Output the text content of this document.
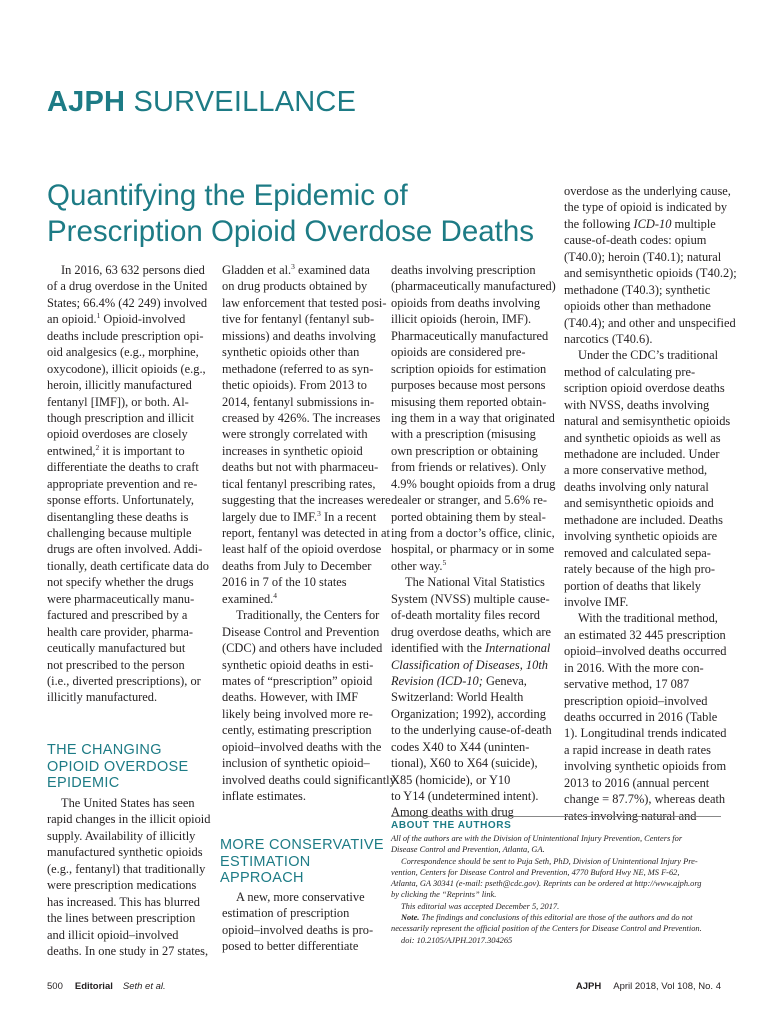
AJPH SURVEILLANCE
Quantifying the Epidemic of
Prescription Opioid Overdose Deaths
In 2016, 63 632 persons died
of a drug overdose in the United
States; 66.4% (42 249) involved
an opioid.$^1$ Opioid-involved
deaths include prescription opi-
oid analgesics (e.g., morphine,
oxycodone), illicit opioids (e.g.,
heroin, illicitly manufactured
fentanyl [IMF]), or both. Al-
though prescription and illicit
opioid overdoses are closely
entwined,$^2$ it is important to
differentiate the deaths to craft
appropriate prevention and re-
sponse efforts. Unfortunately,
disentangling these deaths is
challenging because multiple
drugs are often involved. Addi-
tionally, death certificate data do
not specify whether the drugs
were pharmaceutically manu-
factured and prescribed by a
health care provider, pharma-
ceutically manufactured but
not prescribed to the person
(i.e., diverted prescriptions), or
illicitly manufactured.
THE CHANGING
OPIOID OVERDOSE
EPIDEMIC
The United States has seen
rapid changes in the illicit opioid
supply. Availability of illicitly
manufactured synthetic opioids
(e.g., fentanyl) that traditionally
were prescription medications
has increased. This has blurred
the lines between prescription
and illicit opioid–involved
deaths. In one study in 27 states,
Gladden et al.$^3$ examined data
on drug products obtained by
law enforcement that tested posi-
tive for fentanyl (fentanyl sub-
missions) and deaths involving
synthetic opioids other than
methadone (referred to as syn-
thetic opioids). From 2013 to
2014, fentanyl submissions in-
creased by 426%. The increases
were strongly correlated with
increases in synthetic opioid
deaths but not with pharmaceu-
tical fentanyl prescribing rates,
suggesting that the increases were
largely due to IMF.$^3$ In a recent
report, fentanyl was detected in at
least half of the opioid overdose
deaths from July to December
2016 in 7 of the 10 states
examined.$^4$
Traditionally, the Centers for
Disease Control and Prevention
(CDC) and others have included
synthetic opioid deaths in esti-
mates of “prescription” opioid
deaths. However, with IMF
likely being involved more re-
cently, estimating prescription
opioid–involved deaths with the
inclusion of synthetic opioid–
involved deaths could significantly
inflate estimates.
MORE CONSERVATIVE
ESTIMATION
APPROACH
A new, more conservative
estimation of prescription
opioid–involved deaths is pro-
posed to better differentiate
deaths involving prescription
(pharmaceutically manufactured)
opioids from deaths involving
illicit opioids (heroin, IMF).
Pharmaceutically manufactured
opioids are considered pre-
scription opioids for estimation
purposes because most persons
misusing them reported obtain-
ing them in a way that originated
with a prescription (misusing
own prescription or obtaining
from friends or relatives). Only
4.9% bought opioids from a drug
dealer or stranger, and 5.6% re-
ported obtaining them by steal-
ing from a doctor’s office, clinic,
hospital, or pharmacy or in some
other way.$^5$
The National Vital Statistics
System (NVSS) multiple cause-
of-death mortality files record
drug overdose deaths, which are
identified with the International
Classification of Diseases, 10th
Revision (ICD-10; Geneva,
Switzerland: World Health
Organization; 1992), according
to the underlying cause-of-death
codes X40 to X44 (uninten-
tional), X60 to X64 (suicide),
X85 (homicide), or Y10
to Y14 (undetermined intent).
Among deaths with drug
overdose as the underlying cause,
the type of opioid is indicated by
the following ICD-10 multiple
cause-of-death codes: opium
(T40.0); heroin (T40.1); natural
and semisynthetic opioids (T40.2);
methadone (T40.3); synthetic
opioids other than methadone
(T40.4); and other and unspecified
narcotics (T40.6).
Under the CDC’s traditional
method of calculating pre-
scription opioid overdose deaths
with NVSS, deaths involving
natural and semisynthetic opioids
and synthetic opioids as well as
methadone are included. Under
a more conservative method,
deaths involving only natural
and semisynthetic opioids and
methadone are included. Deaths
involving synthetic opioids are
removed and calculated sepa-
rately because of the high pro-
portion of deaths that likely
involve IMF.
With the traditional method,
an estimated 32 445 prescription
opioid–involved deaths occurred
in 2016. With the more con-
servative method, 17 087
prescription opioid–involved
deaths occurred in 2016 (Table
1). Longitudinal trends indicated
a rapid increase in death rates
involving synthetic opioids from
2013 to 2016 (annual percent
change = 87.7%), whereas death
rates involving natural and
ABOUT THE AUTHORS
All of the authors are with the Division of Unintentional Injury Prevention, Centers for
Disease Control and Prevention, Atlanta, GA.
Correspondence should be sent to Puja Seth, PhD, Division of Unintentional Injury Pre-
vention, Centers for Disease Control and Prevention, 4770 Buford Hwy NE, MS F-62,
Atlanta, GA 30341 (e-mail: pseth@cdc.gov). Reprints can be ordered at http://www.ajph.org
by clicking the “Reprints” link.
This editorial was accepted December 5, 2017.
Note. The findings and conclusions of this editorial are those of the authors and do not
necessarily represent the official position of the Centers for Disease Control and Prevention.
doi: 10.2105/AJPH.2017.304265
500 Editorial Seth et al.	AJPH April 2018, Vol 108, No. 4
